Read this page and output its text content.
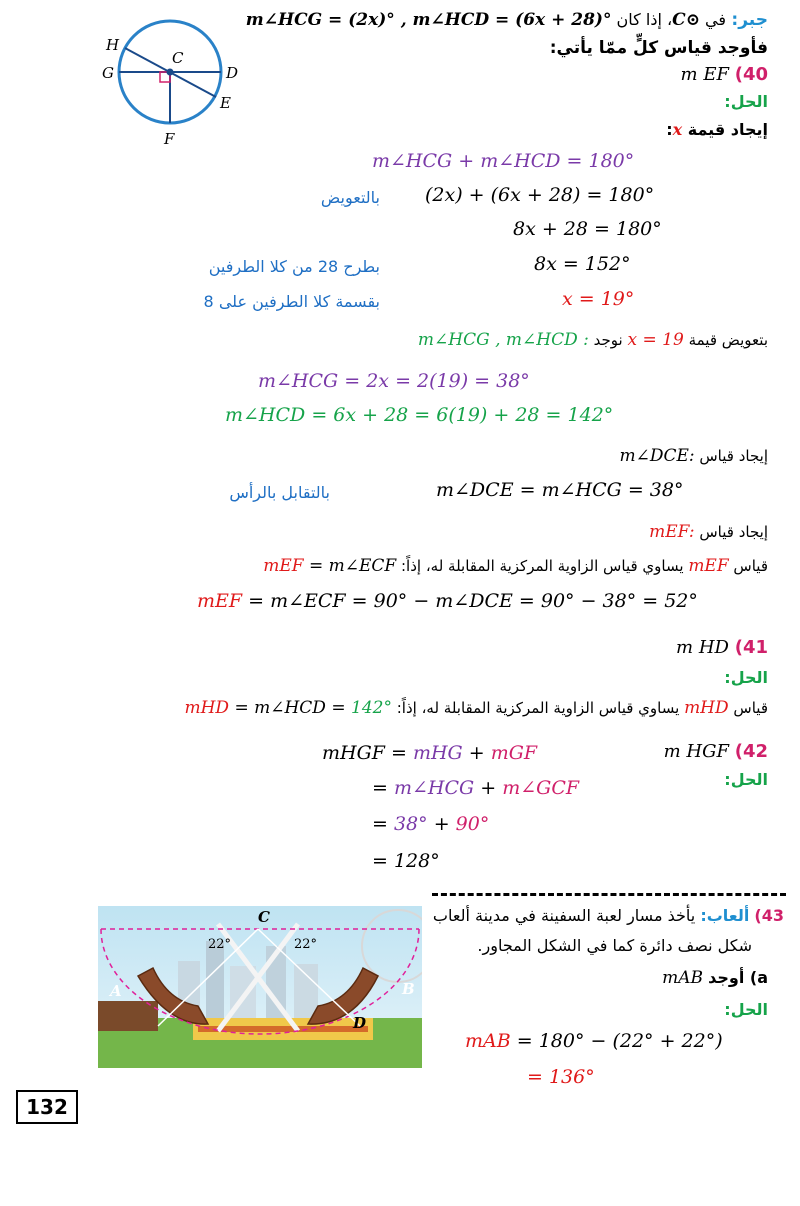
H
C
G	D
E
F
جبر: في ⊙C، إذا كان m∠HCG = (2x)° , m∠HCD = (6x + 28)°
فأوجد قياس كلٍّ ممّا يأتي:
40) m EF
الحل:
إيجاد قيمة x:
m∠HCG + m∠HCD = 180°
(2x) + (6x + 28) = 180°
بالتعويض
8x + 28 = 180°
8x = 152°
بطرح 28 من كلا الطرفين
x = 19°
بقسمة كلا الطرفين على 8
بتعويض قيمة x = 19 نوجد m∠HCG , m∠HCD :
m∠HCG = 2x = 2(19) = 38°
m∠HCD = 6x + 28 = 6(19) + 28 = 142°
إيجاد قياس m∠DCE:
m∠DCE = m∠HCG = 38°
بالتقابل بالرأس
إيجاد قياس mEF:
قياس mEF يساوي قياس الزاوية المركزية المقابلة له، إذاً: mEF = m∠ECF
mEF = m∠ECF = 90° − m∠DCE = 90° − 38° = 52°
41) m HD
الحل:
قياس mHD يساوي قياس الزاوية المركزية المقابلة له، إذاً: mHD = m∠HCD = 142°
42) m HGF
الحل:
mHGF = mHG + mGF
= m∠HCG + m∠GCF
= 38° + 90°
= 128°
C
22°	22°
A	B
D
43) ألعاب: يأخذ مسار لعبة السفينة في مدينة ألعاب
شكل نصف دائرة كما في الشكل المجاور.
a) أوجد mAB
الحل:
mAB = 180° − (22° + 22°)
= 136°
132
